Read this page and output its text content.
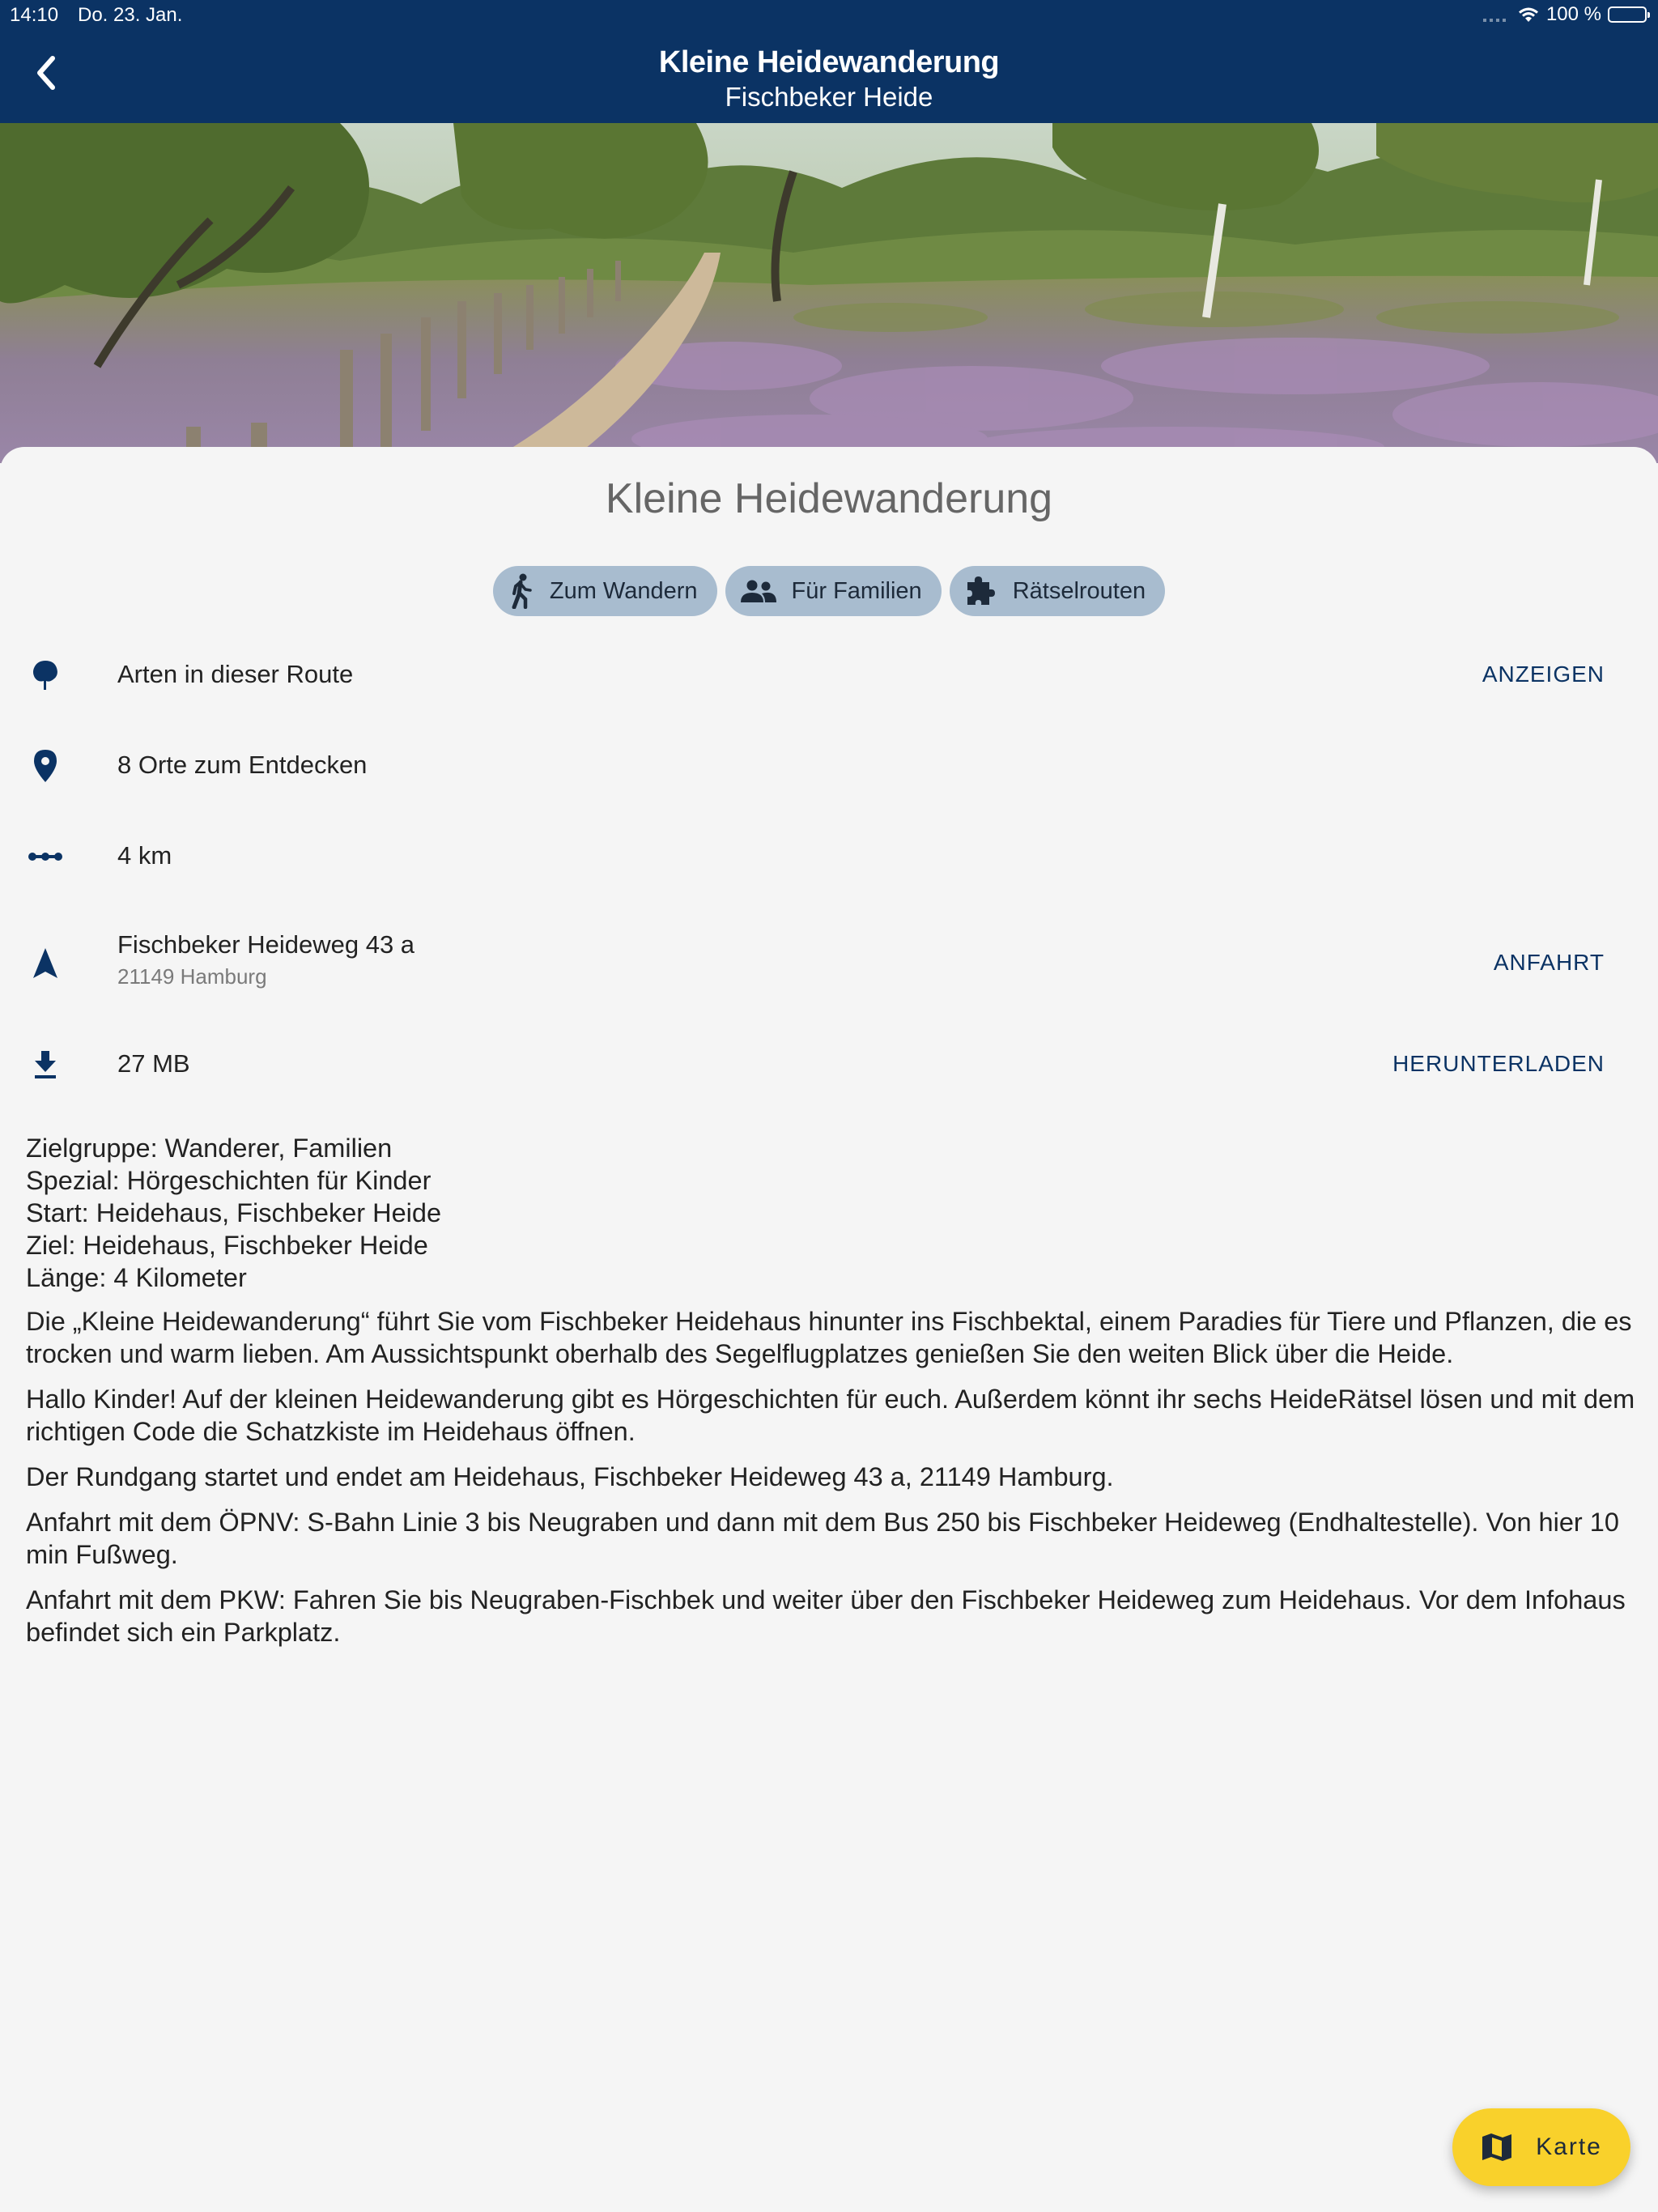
14:10 Do. 23. Jan.	100 %
Kleine Heidewanderung
Fischbeker Heide
Kleine Heidewanderung
Zum Wandern	Für Familien	Rätselrouten
Arten in dieser Route	ANZEIGEN
8 Orte zum Entdecken
4 km
Fischbeker Heideweg 43 a
21149 Hamburg
ANFAHRT
27 MB	HERUNTERLADEN
Zielgruppe: Wanderer, Familien
Spezial: Hörgeschichten für Kinder
Start: Heidehaus, Fischbeker Heide
Ziel: Heidehaus, Fischbeker Heide
Länge: 4 Kilometer

Die „Kleine Heidewanderung“ führt Sie vom Fischbeker Heidehaus hinunter ins Fischbektal, einem Paradies für Tiere und Pflanzen, die es trocken und warm lieben. Am Aussichtspunkt oberhalb des Segelflugplatzes genießen Sie den weiten Blick über die Heide.

Hallo Kinder! Auf der kleinen Heidewanderung gibt es Hörgeschichten für euch. Außerdem könnt ihr sechs HeideRätsel lösen und mit dem richtigen Code die Schatzkiste im Heidehaus öffnen.

Der Rundgang startet und endet am Heidehaus, Fischbeker Heideweg 43 a, 21149 Hamburg.

Anfahrt mit dem ÖPNV: S-Bahn Linie 3 bis Neugraben und dann mit dem Bus 250 bis Fischbeker Heideweg (Endhaltestelle). Von hier 10 min Fußweg.

Anfahrt mit dem PKW: Fahren Sie bis Neugraben-Fischbek und weiter über den Fischbeker Heideweg zum Heidehaus. Vor dem Infohaus befindet sich ein Parkplatz.

Karte
